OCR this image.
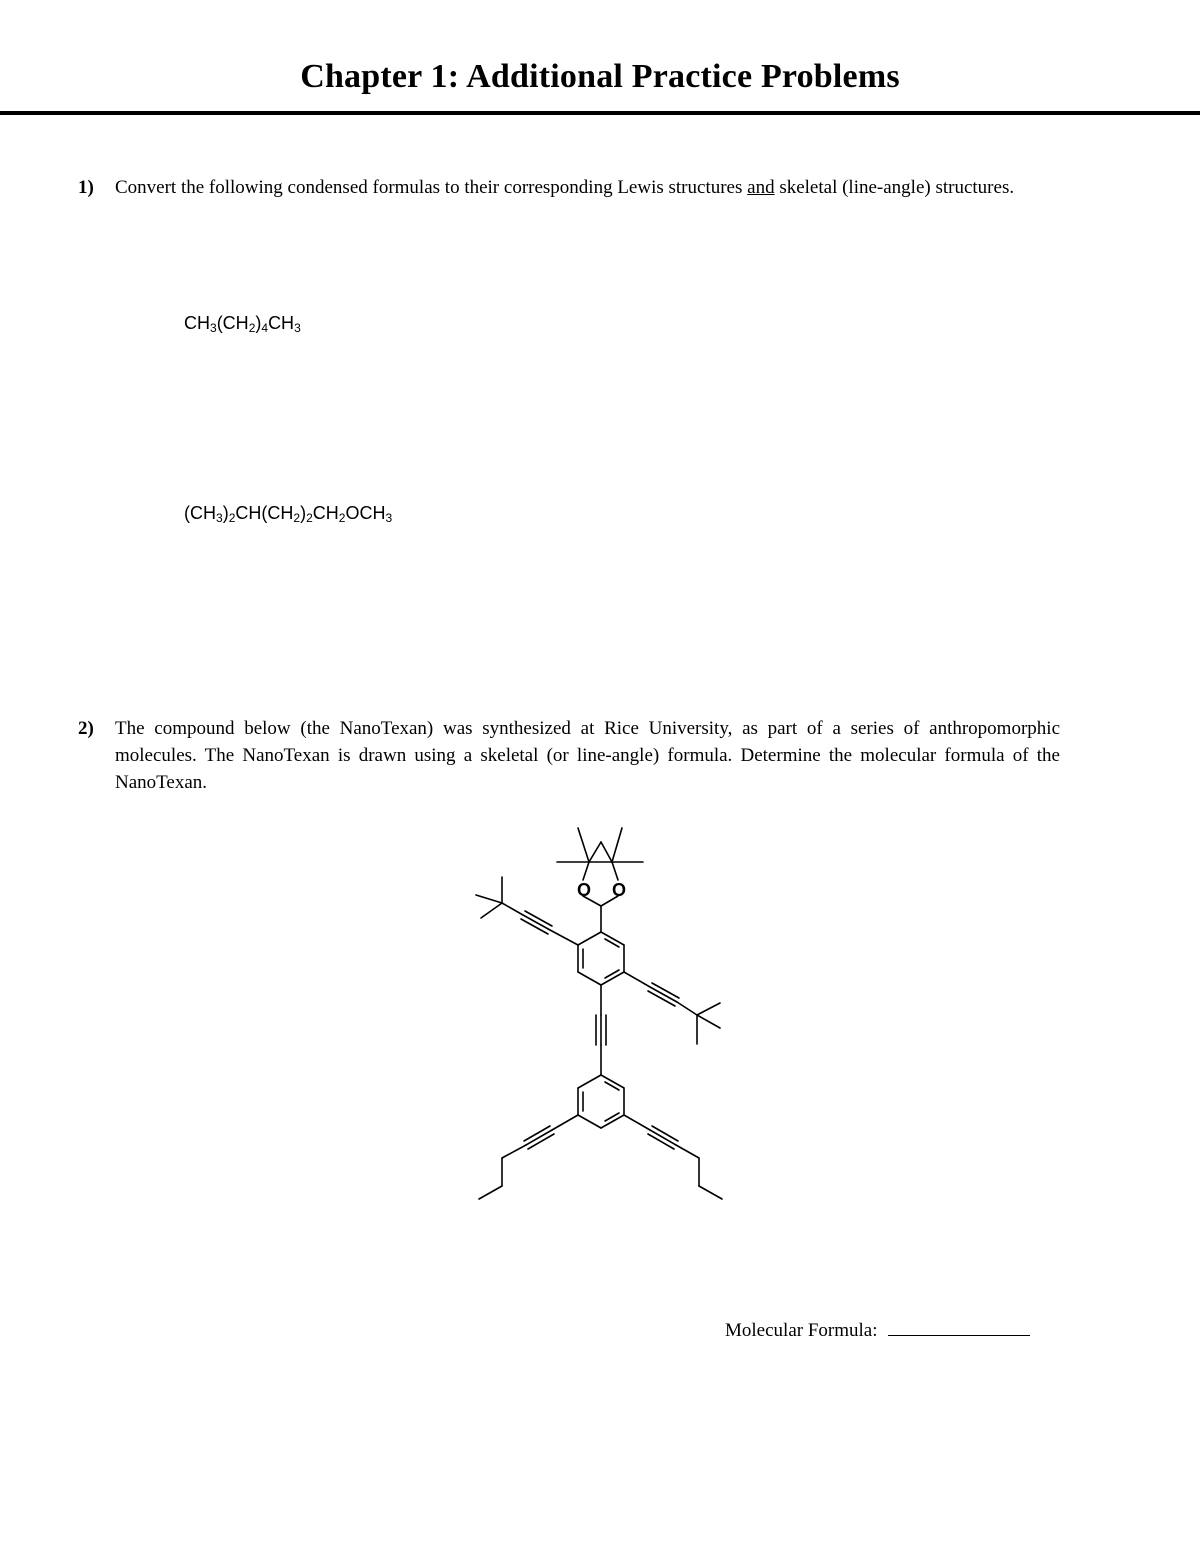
Chapter 1: Additional Practice Problems
1) Convert the following condensed formulas to their corresponding Lewis structures and skeletal (line-angle) structures.
$CH_3(CH_2)_4CH_3$
$(CH_3)_2CH(CH_2)_2CH_2OCH_3$
2) The compound below (the NanoTexan) was synthesized at Rice University, as part of a series of anthropomorphic molecules. The NanoTexan is drawn using a skeletal (or line-angle) formula. Determine the molecular formula of the NanoTexan.
O O
Molecular Formula:
